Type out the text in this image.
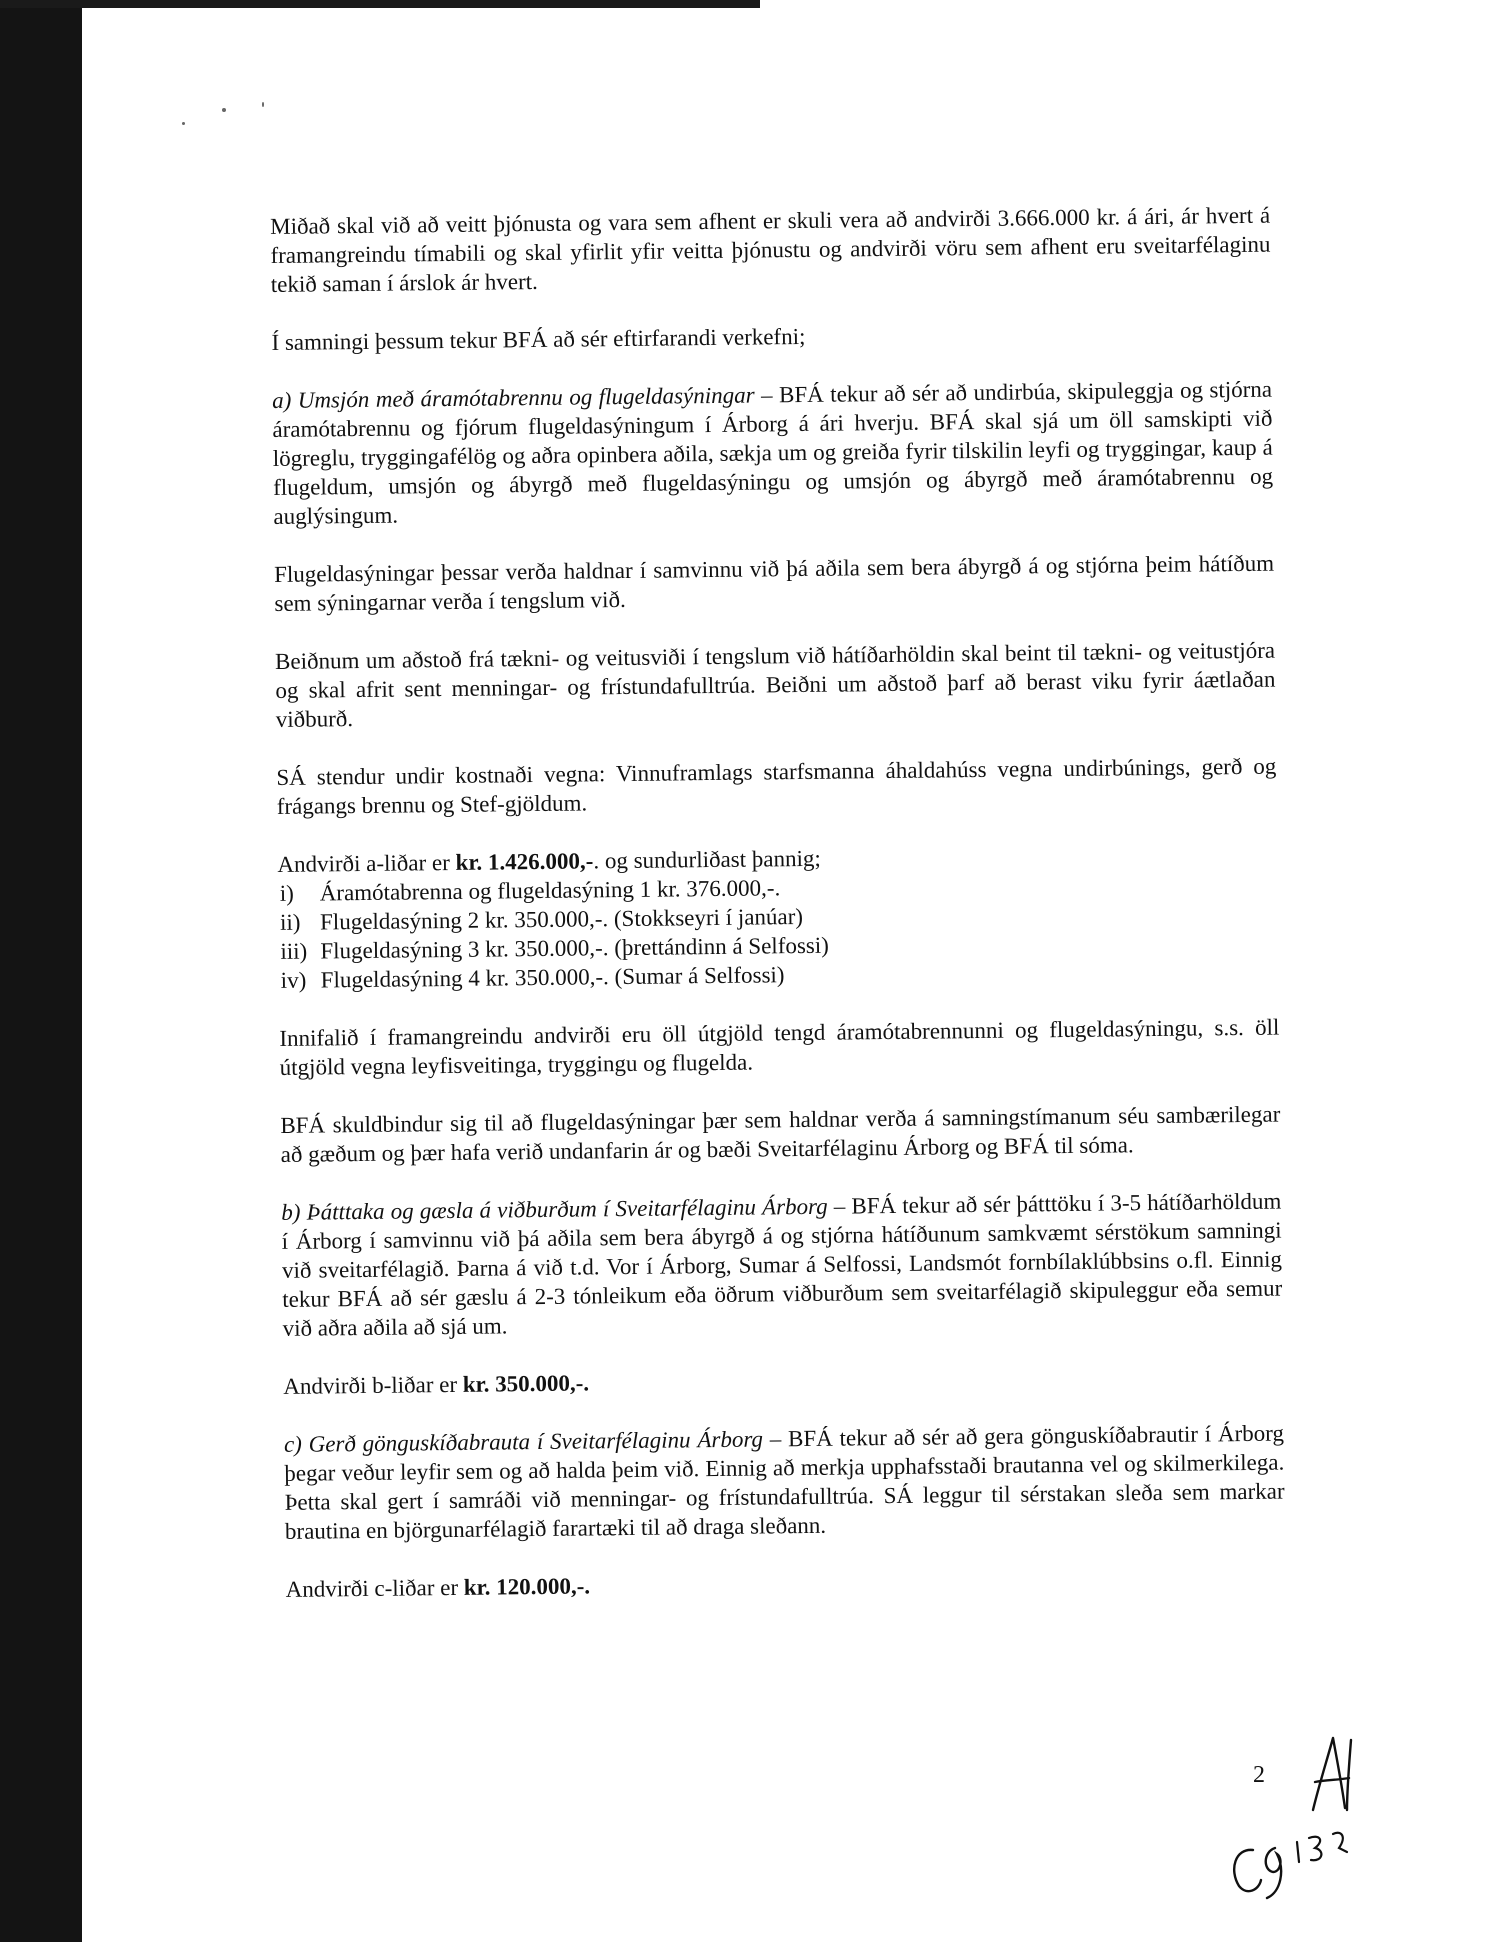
Miðað skal við að veitt þjónusta og vara sem afhent er skuli vera að andvirði 3.666.000 kr. á ári, ár hvert á framangreindu tímabili og skal yfirlit yfir veitta þjónustu og andvirði vöru sem afhent eru sveitarfélaginu tekið saman í árslok ár hvert.

Í samningi þessum tekur BFÁ að sér eftirfarandi verkefni;

a) Umsjón með áramótabrennu og flugeldasýningar – BFÁ tekur að sér að undirbúa, skipuleggja og stjórna áramótabrennu og fjórum flugeldasýningum í Árborg á ári hverju. BFÁ skal sjá um öll samskipti við lögreglu, tryggingafélög og aðra opinbera aðila, sækja um og greiða fyrir tilskilin leyfi og tryggingar, kaup á flugeldum, umsjón og ábyrgð með flugeldasýningu og umsjón og ábyrgð með áramótabrennu og auglýsingum.

Flugeldasýningar þessar verða haldnar í samvinnu við þá aðila sem bera ábyrgð á og stjórna þeim hátíðum sem sýningarnar verða í tengslum við.

Beiðnum um aðstoð frá tækni- og veitusviði í tengslum við hátíðarhöldin skal beint til tækni- og veitustjóra og skal afrit sent menningar- og frístundafulltrúa. Beiðni um aðstoð þarf að berast viku fyrir áætlaðan viðburð.

SÁ stendur undir kostnaði vegna: Vinnuframlags starfsmanna áhaldahúss vegna undirbúnings, gerð og frágangs brennu og Stef-gjöldum.

Andvirði a-liðar er kr. 1.426.000,-. og sundurliðast þannig;

i) Áramótabrenna og flugeldasýning 1 kr. 376.000,-.
ii) Flugeldasýning 2 kr. 350.000,-. (Stokkseyri í janúar)
iii) Flugeldasýning 3 kr. 350.000,-. (þrettándinn á Selfossi)
iv) Flugeldasýning 4 kr. 350.000,-. (Sumar á Selfossi)

Innifalið í framangreindu andvirði eru öll útgjöld tengd áramótabrennunni og flugeldasýningu, s.s. öll útgjöld vegna leyfisveitinga, tryggingu og flugelda.

BFÁ skuldbindur sig til að flugeldasýningar þær sem haldnar verða á samningstímanum séu sambærilegar að gæðum og þær hafa verið undanfarin ár og bæði Sveitarfélaginu Árborg og BFÁ til sóma.

b) Þátttaka og gæsla á viðburðum í Sveitarfélaginu Árborg – BFÁ tekur að sér þátttöku í 3-5 hátíðarhöldum í Árborg í samvinnu við þá aðila sem bera ábyrgð á og stjórna hátíðunum samkvæmt sérstökum samningi við sveitarfélagið. Þarna á við t.d. Vor í Árborg, Sumar á Selfossi, Landsmót fornbílaklúbbsins o.fl. Einnig tekur BFÁ að sér gæslu á 2-3 tónleikum eða öðrum viðburðum sem sveitarfélagið skipuleggur eða semur við aðra aðila að sjá um.

Andvirði b-liðar er kr. 350.000,-.

c) Gerð gönguskíðabrauta í Sveitarfélaginu Árborg – BFÁ tekur að sér að gera gönguskíðabrautir í Árborg þegar veður leyfir sem og að halda þeim við. Einnig að merkja upphafsstaði brautanna vel og skilmerkilega. Þetta skal gert í samráði við menningar- og frístundafulltrúa. SÁ leggur til sérstakan sleða sem markar brautina en björgunarfélagið farartæki til að draga sleðann.

Andvirði c-liðar er kr. 120.000,-.

2
